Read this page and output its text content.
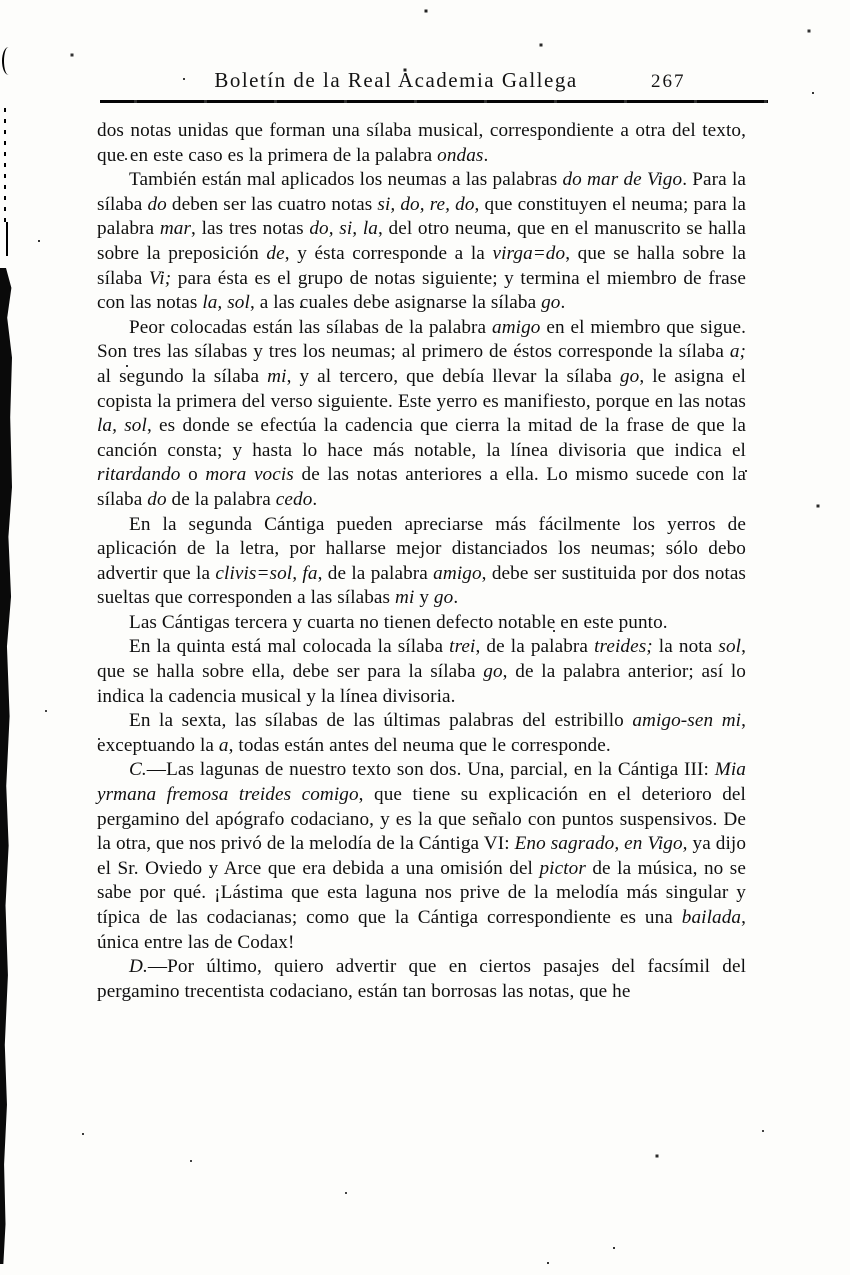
Boletín de la Real Academia Gallega	267

dos notas unidas que forman una sílaba musical, correspondiente a otra del texto, que en este caso es la primera de la palabra ondas.

También están mal aplicados los neumas a las palabras do mar de Vigo. Para la sílaba do deben ser las cuatro notas si, do, re, do, que constituyen el neuma; para la palabra mar, las tres notas do, si, la, del otro neuma, que en el manuscrito se halla sobre la preposición de, y ésta corresponde a la virga=do, que se halla sobre la sílaba Vi; para ésta es el grupo de notas siguiente; y termina el miembro de frase con las notas la, sol, a las cuales debe asignarse la sílaba go.

Peor colocadas están las sílabas de la palabra amigo en el miembro que sigue. Son tres las sílabas y tres los neumas; al primero de éstos corresponde la sílaba a; al segundo la sílaba mi, y al tercero, que debía llevar la sílaba go, le asigna el copista la primera del verso siguiente. Este yerro es manifiesto, porque en las notas la, sol, es donde se efectúa la cadencia que cierra la mitad de la frase de que la canción consta; y hasta lo hace más notable, la línea divisoria que indica el ritardando o mora vocis de las notas anteriores a ella. Lo mismo sucede con la sílaba do de la palabra cedo.

En la segunda Cántiga pueden apreciarse más fácilmente los yerros de aplicación de la letra, por hallarse mejor distanciados los neumas; sólo debo advertir que la clivis=sol, fa, de la palabra amigo, debe ser sustituida por dos notas sueltas que corresponden a las sílabas mi y go.

Las Cántigas tercera y cuarta no tienen defecto notable en este punto.

En la quinta está mal colocada la sílaba trei, de la palabra treides; la nota sol, que se halla sobre ella, debe ser para la sílaba go, de la palabra anterior; así lo indica la cadencia musical y la línea divisoria.

En la sexta, las sílabas de las últimas palabras del estribillo amigo-sen mi, exceptuando la a, todas están antes del neuma que le corresponde.

C.—Las lagunas de nuestro texto son dos. Una, parcial, en la Cántiga III: Mia yrmana fremosa treides comigo, que tiene su explicación en el deterioro del pergamino del apógrafo codaciano, y es la que señalo con puntos suspensivos. De la otra, que nos privó de la melodía de la Cántiga VI: Eno sagrado, en Vigo, ya dijo el Sr. Oviedo y Arce que era debida a una omisión del pictor de la música, no se sabe por qué. ¡Lástima que esta laguna nos prive de la melodía más singular y típica de las codacianas; como que la Cántiga correspondiente es una bailada, única entre las de Codax!

D.—Por último, quiero advertir que en ciertos pasajes del facsímil del pergamino trecentista codaciano, están tan borrosas las notas, que he
